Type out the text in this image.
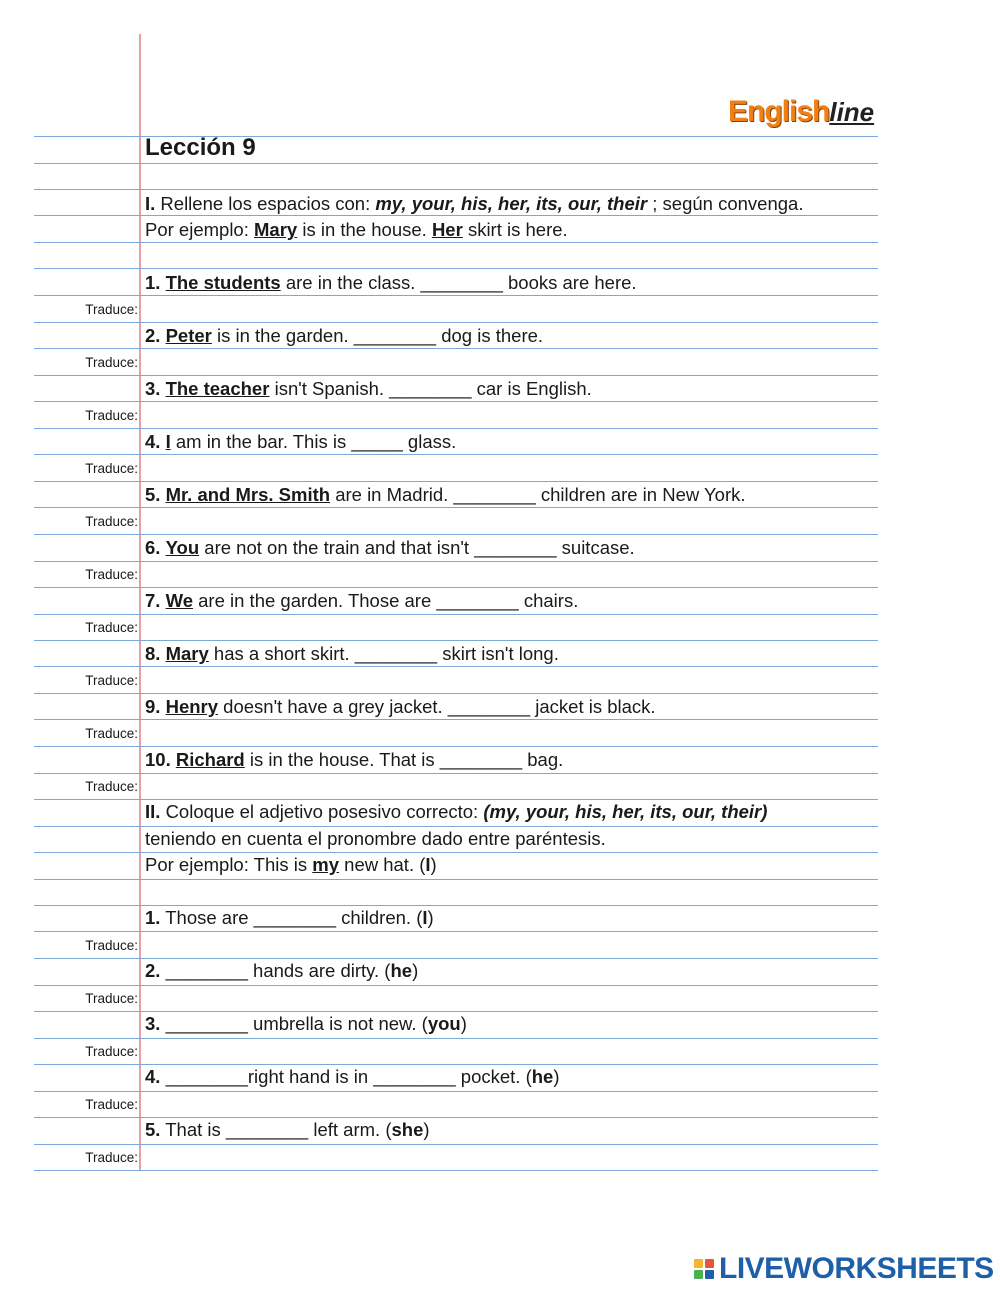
Englishline
Lección 9
I. Rellene los espacios con: my, your, his, her, its, our, their ; según convenga.
Por ejemplo: Mary is in the house. Her skirt is here.
1. The students are in the class. ________ books are here.
Traduce:
2. Peter is in the garden. ________ dog is there.
Traduce:
3. The teacher isn't Spanish. ________ car is English.
Traduce:
4. I am in the bar. This is _____ glass.
Traduce:
5. Mr. and Mrs. Smith are in Madrid. ________ children are in New York.
Traduce:
6. You are not on the train and that isn't ________ suitcase.
Traduce:
7. We are in the garden. Those are ________ chairs.
Traduce:
8. Mary has a short skirt. ________ skirt isn't long.
Traduce:
9. Henry doesn't have a grey jacket. ________ jacket is black.
Traduce:
10. Richard is in the house. That is ________ bag.
Traduce:
II. Coloque el adjetivo posesivo correcto: (my, your, his, her, its, our, their)
teniendo en cuenta el pronombre dado entre paréntesis.
Por ejemplo: This is my new hat. (I)
1. Those are ________ children. (I)
Traduce:
2. ________ hands are dirty. (he)
Traduce:
3. ________ umbrella is not new. (you)
Traduce:
4. ________right hand is in ________ pocket. (he)
Traduce:
5. That is ________ left arm. (she)
Traduce:
LIVEWORKSHEETS
